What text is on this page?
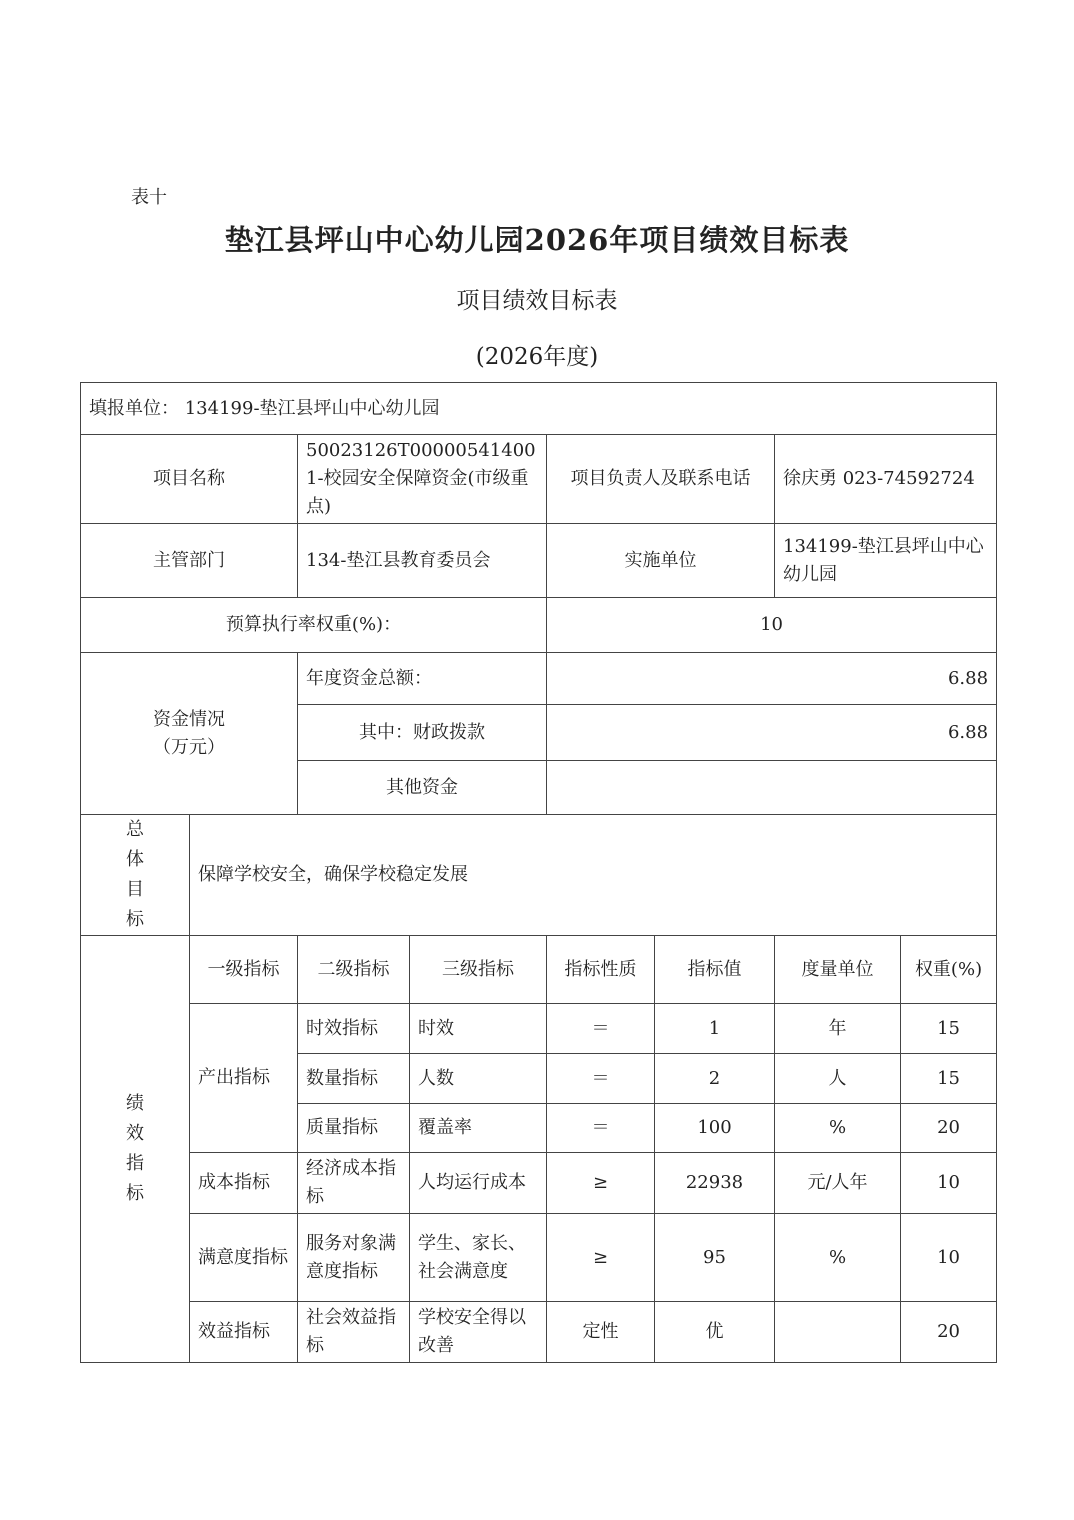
表十
垫江县坪山中心幼儿园2026年项目绩效目标表
项目绩效目标表
(2026年度)
填报单位： 134199-垫江县坪山中心幼儿园							
项目名称		50023126T000005414001-校园安全保障资金(市级重点)		项目负责人及联系电话		徐庆勇 023-74592724	
主管部门		134-垫江县教育委员会		实施单位		134199-垫江县坪山中心幼儿园	
预算执行率权重(%)：				10			

资金情况
（万元）		年度资金总额：		6.88			
		其中：财政拨款		6.88			
		其他资金					

总
体
目
标	保障学校安全，确保学校稳定发展						

绩
效
指
标	一级指标	二级指标	三级指标	指标性质	指标值	度量单位	权重(%)
	产出指标	时效指标	时效	＝	1	年	15
		数量指标	人数	＝	2	人	15
		质量指标	覆盖率	＝	100	%	20
	成本指标	经济成本指标	人均运行成本	≥	22938	元/人年	10
	满意度指标	服务对象满意度指标	学生、家长、社会满意度	≥	95	%	10
	效益指标	社会效益指标	学校安全得以改善	定性	优		20
